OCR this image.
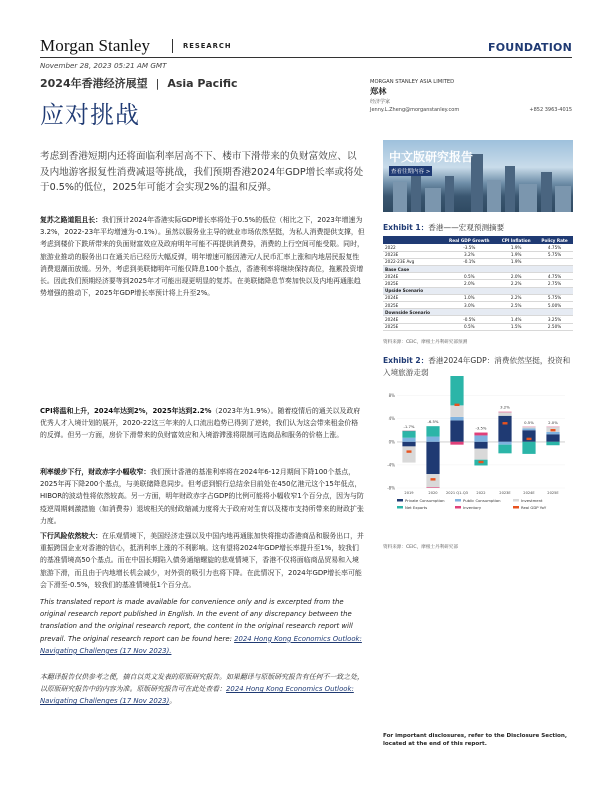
Morgan Stanley	RESEARCH	FOUNDATION
November 28, 2023 05:21 AM GMT
2024年香港经济展望 | Asia Pacific
应对挑战
MORGAN STANLEY ASIA LIMITED
郑林
经济学家
Jenny.L.Zheng@morganstanley.com	+852 3963-4015
中文版研究报告
查看往期内容 >
Exhibit 1：香港——宏观预测摘要
	Real GDP Growth	CPI Inflation	Policy Rate
2022	-3.5%	1.9%	4.75%
2023E	3.2%	1.9%	5.75%
2022-23E Avg	-0.1%	1.9%	
Base Case			
2024E	0.5%	2.0%	4.75%
2025E	2.0%	2.2%	2.75%
Upside Scenario			
2024E	1.0%	2.2%	5.75%
2025E	3.0%	2.5%	5.00%
Downside Scenario			
2024E	-0.5%	1.4%	3.25%
2025E	0.5%	1.5%	2.50%
资料来源：CEIC，摩根士丹利研究部预测
Exhibit 2：香港2024年GDP：消费依然坚挺，投资和入境旅游走弱
-8%
-4%
0%
4%
8%
-1.7%
2019
-6.5%
2020 2021 Q1-Q3
-3.5%
2022
3.2%
2023E
0.5%
2024E
2.0%
2025E
Private Consumption	Public Consumption	Investment
Net Exports	Inventory	Real GDP YoY
资料来源：CEIC，摩根士丹利研究部
考虑到香港短期内还将面临利率居高不下、楼市下滑带来的负财富效应、以及内地游客报复性消费减退等挑战，我们预期香港2024年GDP增长率或将处于0.5%的低位，2025年可能才会实现2%的温和反弹。
复苏之路道阻且长：我们预计2024年香港实际GDP增长率将处于0.5%的低位（相比之下，2023年增速为3.2%，2022-23年平均增速为-0.1%）。虽然以服务业主导的就业市场依然坚挺，为私人消费提供支撑，但考虑到楼价下跌所带来的负面财富效应及政府明年可能不再提供消费券，消费的上行空间可能受限。同时，旅游业推动的服务出口在通关后已经历大幅反弹，明年增速可能因港元/人民币汇率上涨和内地居民报复性消费退潮而放缓。另外，考虑到美联储明年可能仅降息100个基点，香港利率将继续保持高位，拖累投资增长。因此我们预期经济要等到2025年才可能出现更明显的复苏。在美联储降息节奏加快以及内地再通胀趋势增强的推动下，2025年GDP增长率预计将上升至2%。
CPI将温和上升，2024年达到2%，2025年达到2.2%（2023年为1.9%）。随着疫情后的通关以及政府优秀人才入境计划的展开，2020-22这三年来的人口流出趋势已得到了逆转，我们认为这会带来租金价格的反弹。但另一方面，房价下滑带来的负财富效应和入境游滞涨将限制可选商品和服务的价格上涨。
利率缓步下行，财政赤字小幅收窄：我们预计香港的基准利率将在2024年6-12月期间下降100个基点，2025年再下降200个基点，与美联储降息同步。但考虑到银行总结余目前处在450亿港元这个15年低点，HIBOR的波动性将依然较高。另一方面，明年财政赤字占GDP的比例可能将小幅收窄1个百分点，因为与防疫逆周期刺激措施（如消费券）退坡相关的财政缩减力度将大于政府对生育以及楼市支持所带来的财政扩张力度。
下行风险依然较大：在乐观情境下，美国经济走强以及中国内地再通胀加快将推动香港商品和服务出口，并重振跨国企业对香港的信心，抵消利率上涨的不利影响。这有望将2024年GDP增长率提升至1%，较我们的基准情境高50个基点。而在中国长期陷入债务通缩螺旋的悲观情境下，香港不仅将面临商品贸易和入境旅游下滑，而且由于内地增长机会减少，对外资的吸引力也将下降。在此情况下，2024年GDP增长率可能会下滑至-0.5%，较我们的基准情境低1个百分点。
This translated report is made available for convenience only and is excerpted from the original research report published in English. In the event of any discrepancy between the translation and the original research report, the content in the original research report will prevail. The original research report can be found here: 2024 Hong Kong Economics Outlook: Navigating Challenges (17 Nov 2023).
本翻译报告仅供参考之便，摘自以英文发表的原版研究报告。如果翻译与原版研究报告有任何不一致之处，以原版研究报告中的内容为准。原版研究报告可在此处查看：2024 Hong Kong Economics Outlook: Navigating Challenges (17 Nov 2023)。
For important disclosures, refer to the Disclosure Section, located at the end of this report.
